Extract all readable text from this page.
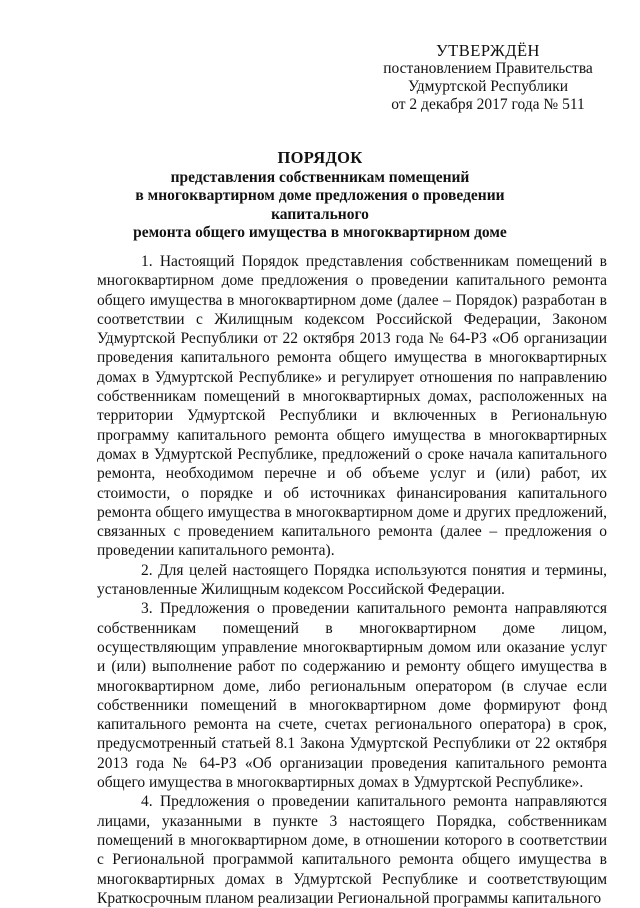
УТВЕРЖДЁН
постановлением Правительства
Удмуртской Республики
от 2 декабря 2017 года № 511
ПОРЯДОК
представления собственникам помещений
в многоквартирном доме предложения о проведении капитального
ремонта общего имущества в многоквартирном доме

1. Настоящий Порядок представления собственникам помещений в многоквартирном доме предложения о проведении капитального ремонта общего имущества в многоквартирном доме (далее – Порядок) разработан в соответствии с Жилищным кодексом Российской Федерации, Законом Удмуртской Республики от 22 октября 2013 года № 64-РЗ «Об организации проведения капитального ремонта общего имущества в многоквартирных домах в Удмуртской Республике» и регулирует отношения по направлению собственникам помещений в многоквартирных домах, расположенных на территории Удмуртской Республики и включенных в Региональную программу капитального ремонта общего имущества в многоквартирных домах в Удмуртской Республике, предложений о сроке начала капитального ремонта, необходимом перечне и об объеме услуг и (или) работ, их стоимости, о порядке и об источниках финансирования капитального ремонта общего имущества в многоквартирном доме и других предложений, связанных с проведением капитального ремонта (далее – предложения о проведении капитального ремонта).

2. Для целей настоящего Порядка используются понятия и термины, установленные Жилищным кодексом Российской Федерации.

3. Предложения о проведении капитального ремонта направляются собственникам помещений в многоквартирном доме лицом, осуществляющим управление многоквартирным домом или оказание услуг и (или) выполнение работ по содержанию и ремонту общего имущества в многоквартирном доме, либо региональным оператором (в случае если собственники помещений в многоквартирном доме формируют фонд капитального ремонта на счете, счетах регионального оператора) в срок, предусмотренный статьей 8.1 Закона Удмуртской Республики от 22 октября 2013 года № 64-РЗ «Об организации проведения капитального ремонта общего имущества в многоквартирных домах в Удмуртской Республике».

4. Предложения о проведении капитального ремонта направляются лицами, указанными в пункте 3 настоящего Порядка, собственникам помещений в многоквартирном доме, в отношении которого в соответствии с Региональной программой капитального ремонта общего имущества в многоквартирных домах в Удмуртской Республике и соответствующим Краткосрочным планом реализации Региональной программы капитального
